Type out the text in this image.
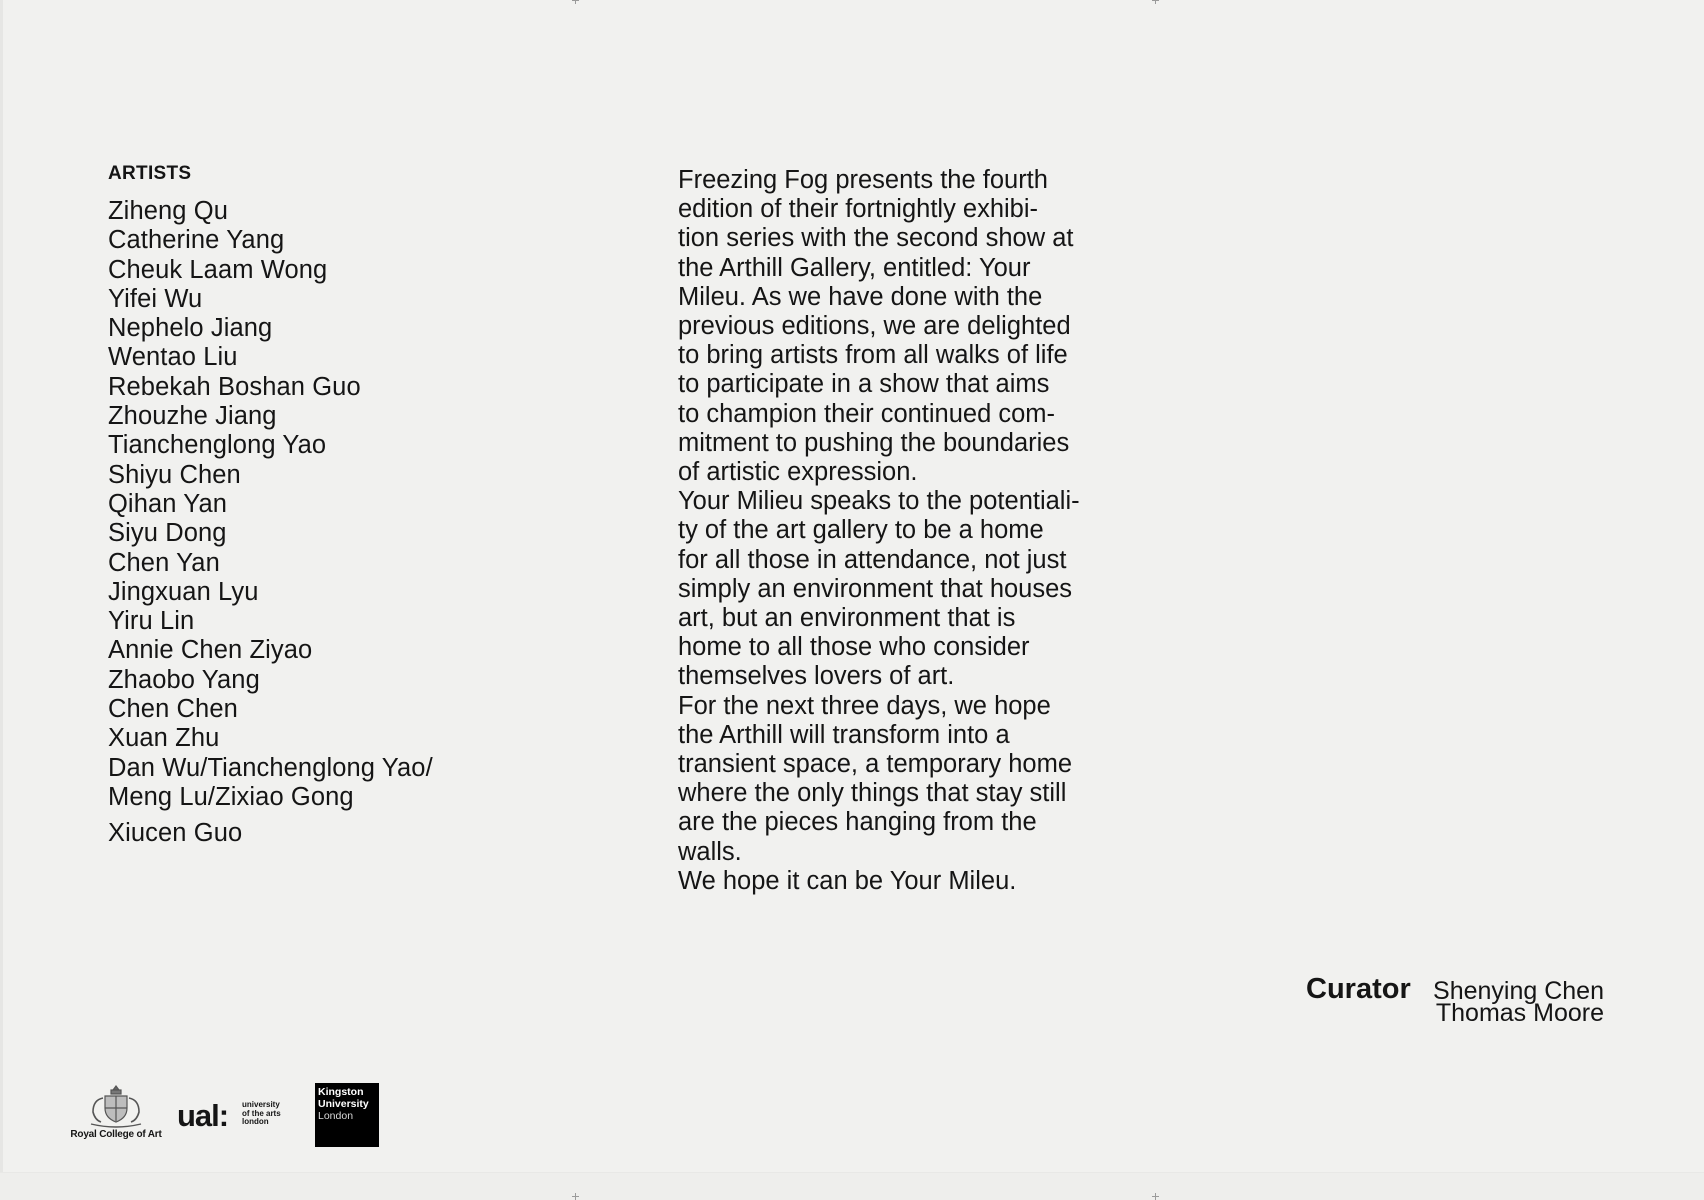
ARTISTS
Ziheng Qu
Catherine Yang
Cheuk Laam Wong
Yifei Wu
Nephelo Jiang
Wentao Liu
Rebekah Boshan Guo
Zhouzhe Jiang
Tianchenglong Yao
Shiyu Chen
Qihan Yan
Siyu Dong
Chen Yan
Jingxuan Lyu
Yiru Lin
Annie Chen Ziyao
Zhaobo Yang
Chen Chen
Xuan Zhu
Dan Wu/Tianchenglong Yao/
Meng Lu/Zixiao Gong
Xiucen Guo

Freezing Fog presents the fourth
edition of their fortnightly exhibi-
tion series with the second show at
the Arthill Gallery, entitled: Your
Mileu. As we have done with the
previous editions, we are delighted
to bring artists from all walks of life
to participate in a show that aims
to champion their continued com-
mitment to pushing the boundaries
of artistic expression.

Your Milieu speaks to the potentiali-
ty of the art gallery to be a home
for all those in attendance, not just
simply an environment that houses
art, but an environment that is
home to all those who consider
themselves lovers of art.

For the next three days, we hope
the Arthill will transform into a
transient space, a temporary home
where the only things that stay still
are the pieces hanging from the
walls.

We hope it can be Your Mileu.

Curator Shenying Chen
Thomas Moore
Royal College of Art
ual: university
of the arts
london
Kingston
University
London
